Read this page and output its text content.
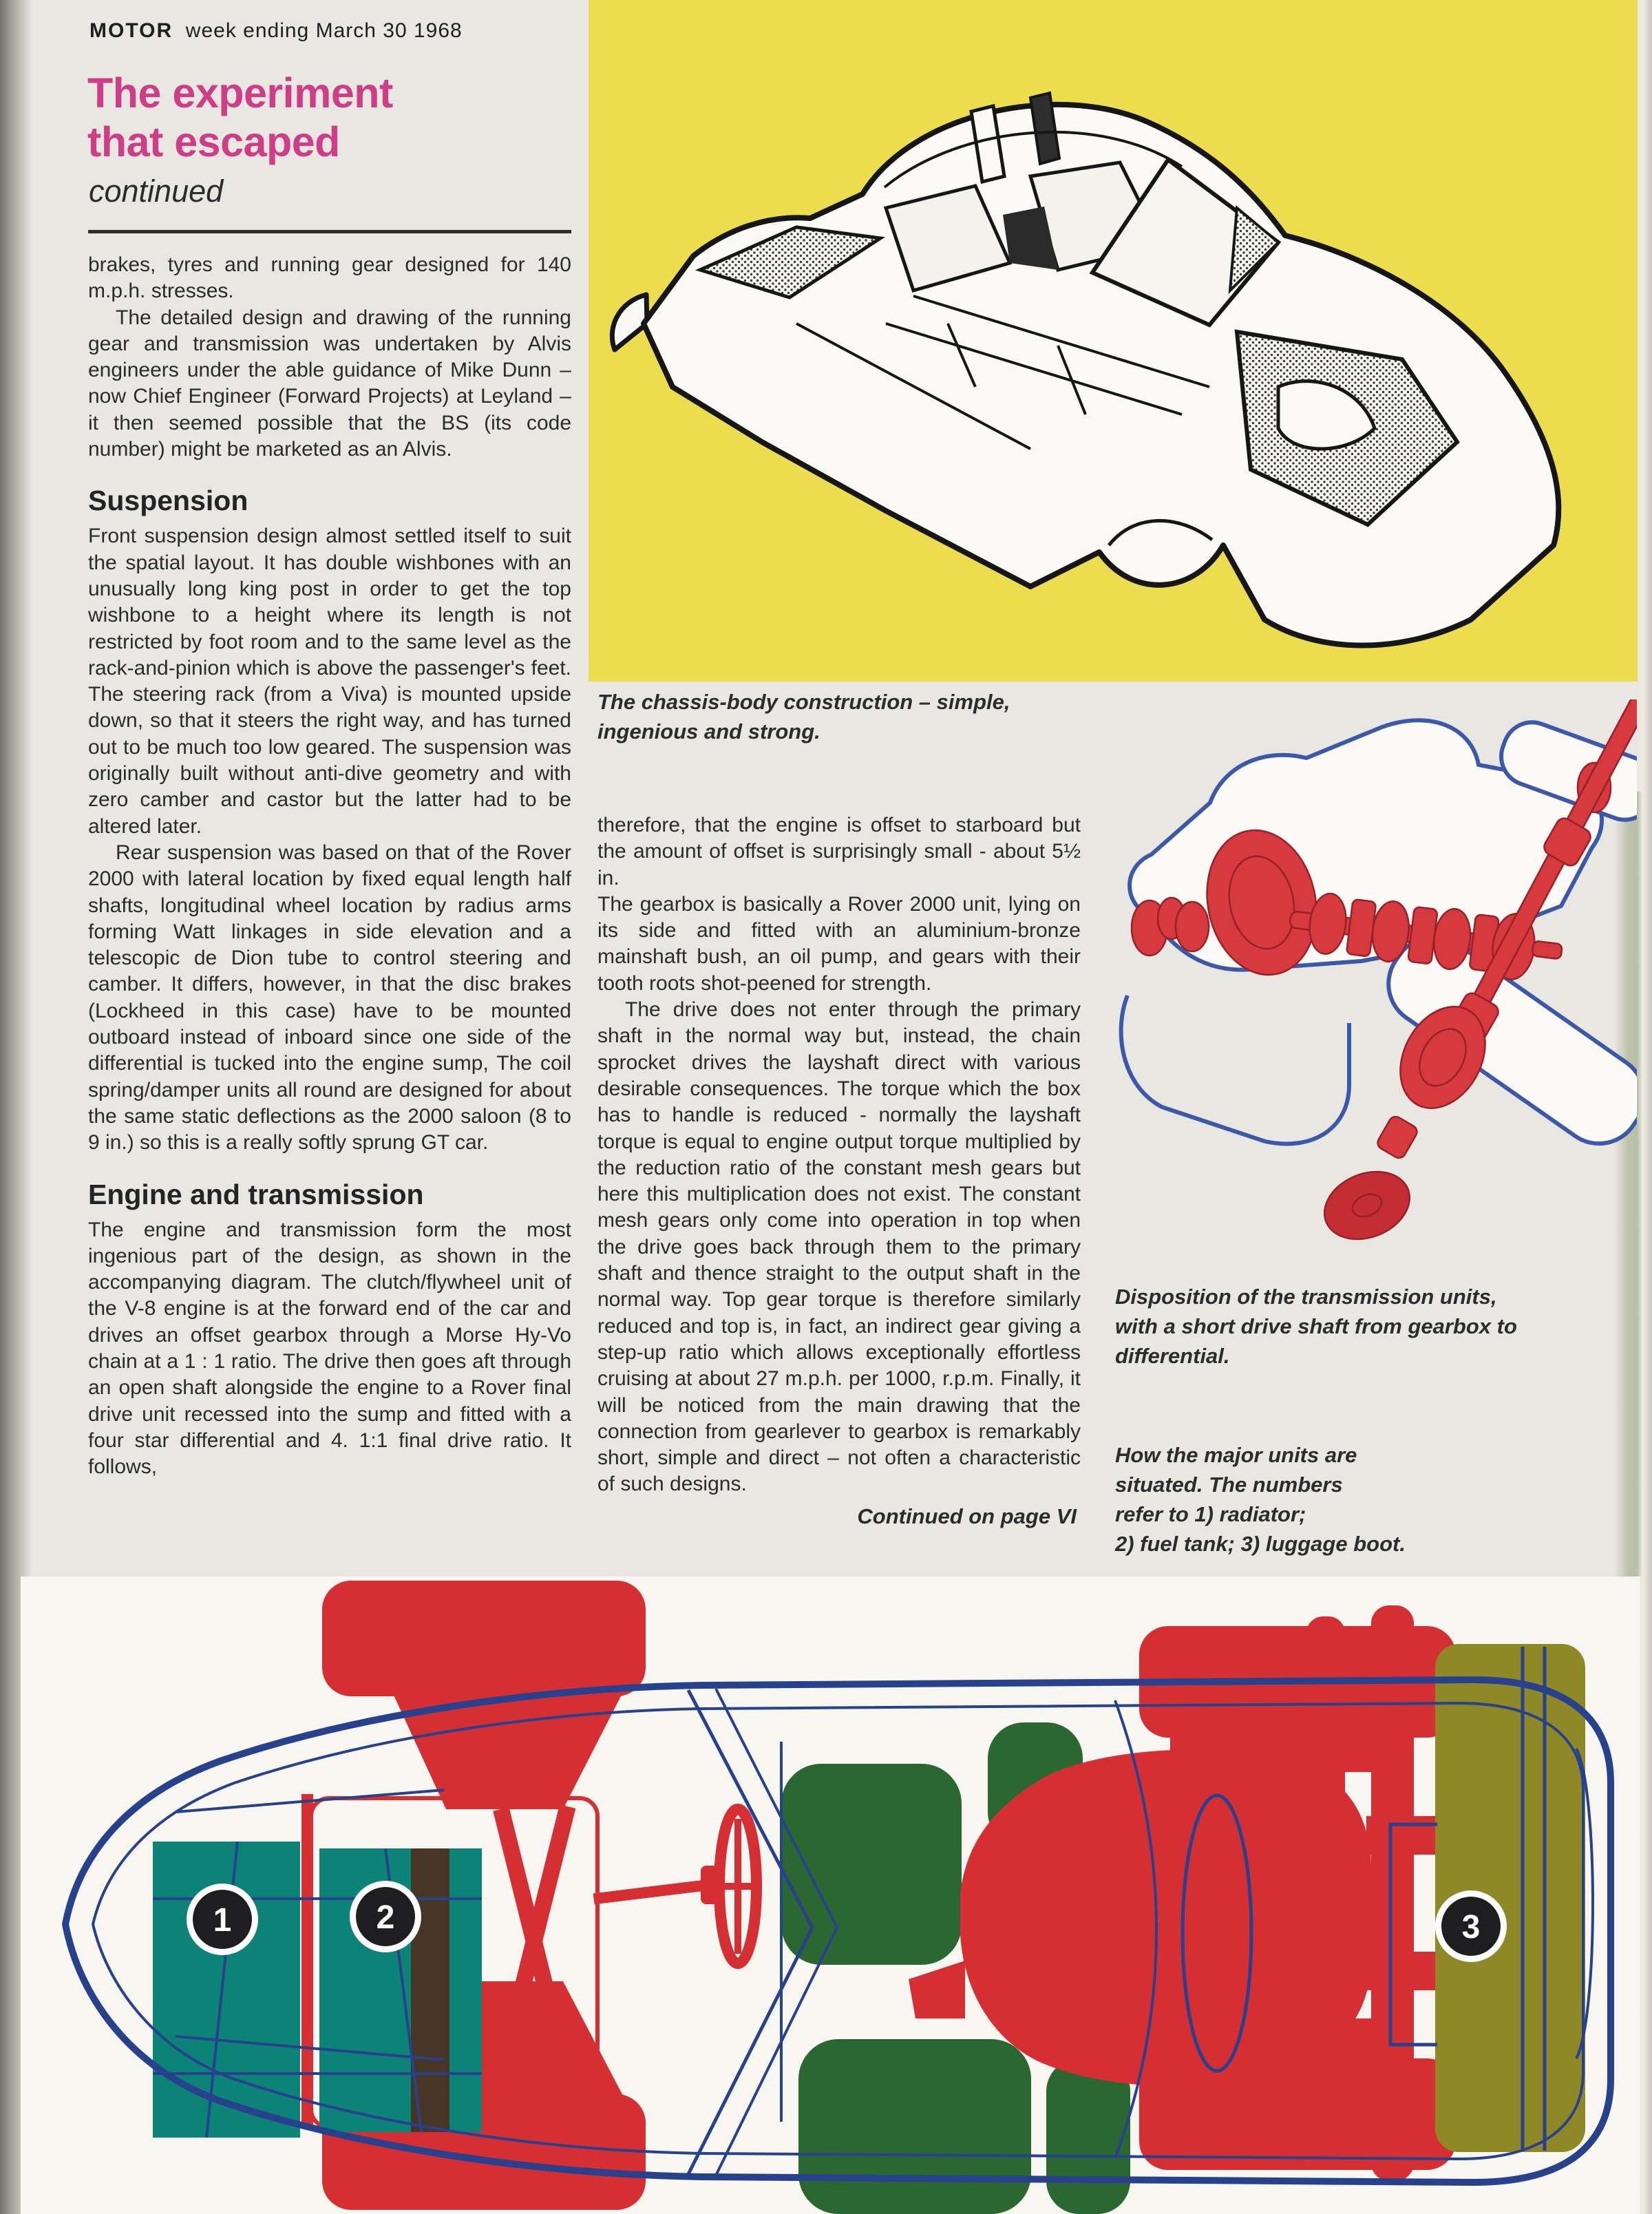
MOTOR week ending March 30 1968
The experiment
that escaped
continued
The chassis-body construction – simple, ingenious and strong.

brakes, tyres and running gear designed for 140 m.p.h. stresses.

The detailed design and drawing of the running gear and transmission was undertaken by Alvis engineers under the able guidance of Mike Dunn – now Chief Engineer (Forward Projects) at Leyland – it then seemed possible that the BS (its code number) might be marketed as an Alvis.

Suspension

Front suspension design almost settled itself to suit the spatial layout. It has double wishbones with an unusually long king post in order to get the top wishbone to a height where its length is not restricted by foot room and to the same level as the rack-and-pinion which is above the passenger's feet. The steering rack (from a Viva) is mounted upside down, so that it steers the right way, and has turned out to be much too low geared. The suspension was originally built without anti-dive geometry and with zero camber and castor but the latter had to be altered later.

Rear suspension was based on that of the Rover 2000 with lateral location by fixed equal length half shafts, longitudinal wheel location by radius arms forming Watt linkages in side elevation and a telescopic de Dion tube to control steering and camber. It differs, however, in that the disc brakes (Lockheed in this case) have to be mounted outboard instead of inboard since one side of the differential is tucked into the engine sump, The coil spring/damper units all round are designed for about the same static deflections as the 2000 saloon (8 to 9 in.) so this is a really softly sprung GT car.

Engine and transmission

The engine and transmission form the most ingenious part of the design, as shown in the accompanying diagram. The clutch/flywheel unit of the V-8 engine is at the forward end of the car and drives an offset gearbox through a Morse Hy-Vo chain at a 1 : 1 ratio. The drive then goes aft through an open shaft alongside the engine to a Rover final drive unit recessed into the sump and fitted with a four star differential and 4. 1:1 final drive ratio. It follows,

therefore, that the engine is offset to starboard but the amount of offset is surprisingly small - about 5½ in.

The gearbox is basically a Rover 2000 unit, lying on its side and fitted with an aluminium-bronze mainshaft bush, an oil pump, and gears with their tooth roots shot-peened for strength.

The drive does not enter through the primary shaft in the normal way but, instead, the chain sprocket drives the layshaft direct with various desirable consequences. The torque which the box has to handle is reduced - normally the layshaft torque is equal to engine output torque multiplied by the reduction ratio of the constant mesh gears but here this multiplication does not exist. The constant mesh gears only come into operation in top when the drive goes back through them to the primary shaft and thence straight to the output shaft in the normal way. Top gear torque is therefore similarly reduced and top is, in fact, an indirect gear giving a step-up ratio which allows exceptionally effortless cruising at about 27 m.p.h. per 1000, r.p.m. Finally, it will be noticed from the main drawing that the connection from gearlever to gearbox is remarkably short, simple and direct – not often a characteristic of such designs.

Continued on page VI
Disposition of the transmission units, with a short drive shaft from gearbox to differential.
How the major units are
situated. The numbers
refer to 1) radiator;
2) fuel tank; 3) luggage boot.
1	2	3
